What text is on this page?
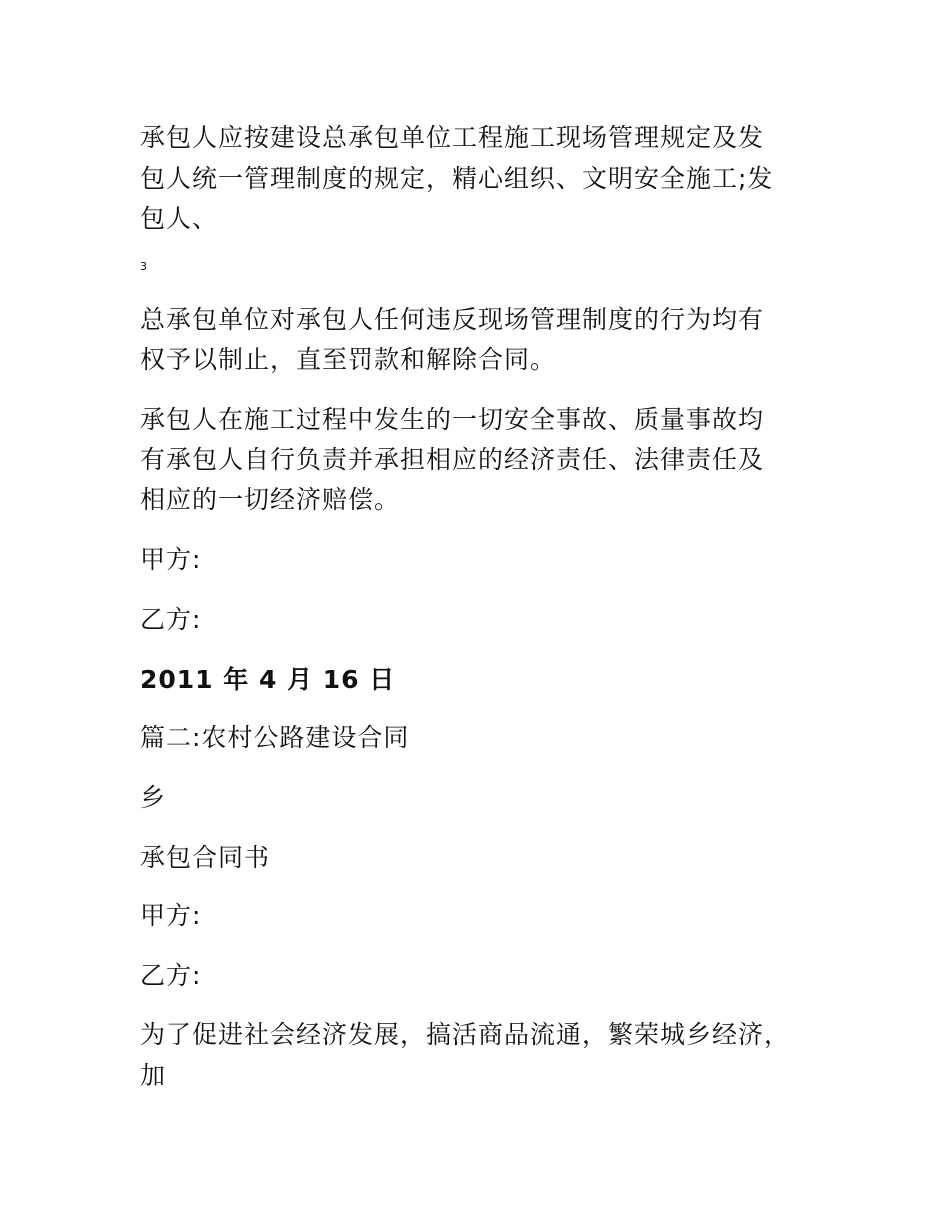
承包人应按建设总承包单位工程施工现场管理规定及发
包人统一管理制度的规定，精心组织、文明安全施工;发
包人、
3
总承包单位对承包人任何违反现场管理制度的行为均有
权予以制止，直至罚款和解除合同。
承包人在施工过程中发生的一切安全事故、质量事故均
有承包人自行负责并承担相应的经济责任、法律责任及
相应的一切经济赔偿。
甲方:
乙方:
2011 年 4 月 16 日
篇二:农村公路建设合同
乡
承包合同书
甲方:
乙方:
为了促进社会经济发展，搞活商品流通，繁荣城乡经济，
加
